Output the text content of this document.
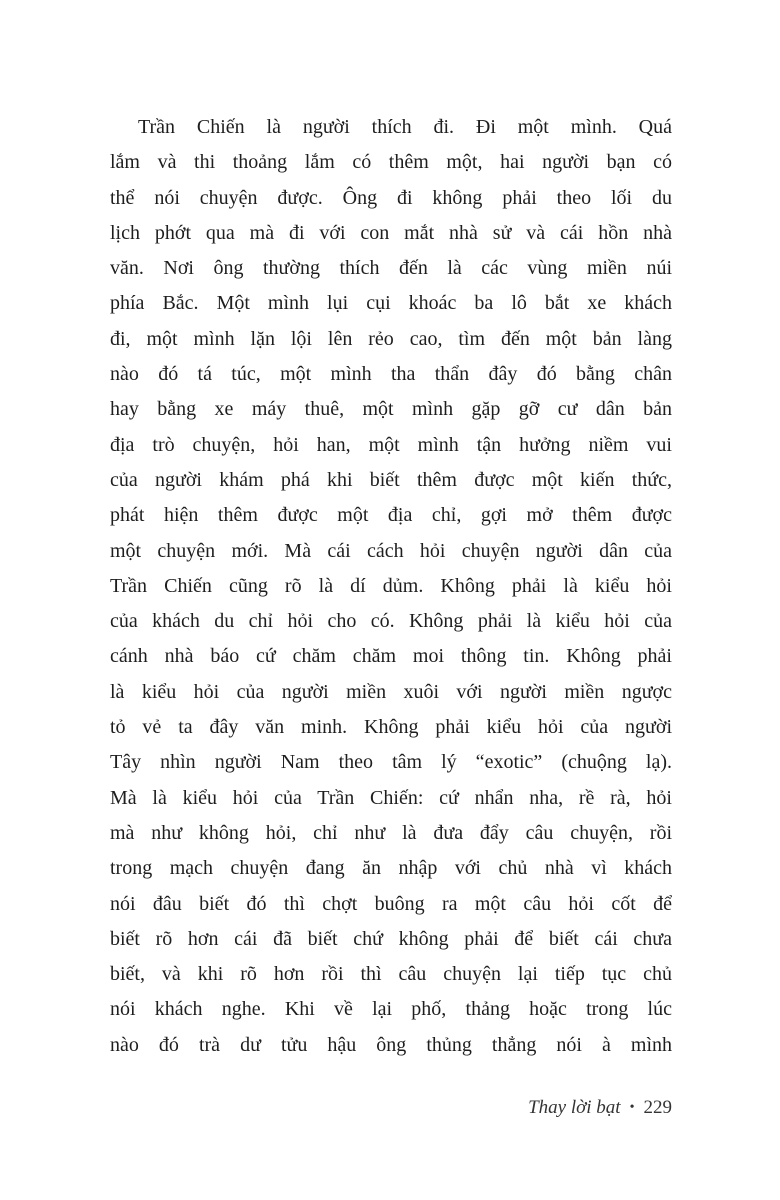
Trần Chiến là người thích đi. Đi một mình. Quá
lắm và thi thoảng lắm có thêm một, hai người bạn có
thể nói chuyện được. Ông đi không phải theo lối du
lịch phớt qua mà đi với con mắt nhà sử và cái hồn nhà
văn. Nơi ông thường thích đến là các vùng miền núi
phía Bắc. Một mình lụi cụi khoác ba lô bắt xe khách
đi, một mình lặn lội lên rẻo cao, tìm đến một bản làng
nào đó tá túc, một mình tha thẩn đây đó bằng chân
hay bằng xe máy thuê, một mình gặp gỡ cư dân bản
địa trò chuyện, hỏi han, một mình tận hưởng niềm vui
của người khám phá khi biết thêm được một kiến thức,
phát hiện thêm được một địa chỉ, gợi mở thêm được
một chuyện mới. Mà cái cách hỏi chuyện người dân của
Trần Chiến cũng rõ là dí dủm. Không phải là kiểu hỏi
của khách du chỉ hỏi cho có. Không phải là kiểu hỏi của
cánh nhà báo cứ chăm chăm moi thông tin. Không phải
là kiểu hỏi của người miền xuôi với người miền ngược
tỏ vẻ ta đây văn minh. Không phải kiểu hỏi của người
Tây nhìn người Nam theo tâm lý “exotic” (chuộng lạ).
Mà là kiểu hỏi của Trần Chiến: cứ nhẩn nha, rề rà, hỏi
mà như không hỏi, chỉ như là đưa đẩy câu chuyện, rồi
trong mạch chuyện đang ăn nhập với chủ nhà vì khách
nói đâu biết đó thì chợt buông ra một câu hỏi cốt để
biết rõ hơn cái đã biết chứ không phải để biết cái chưa
biết, và khi rõ hơn rồi thì câu chuyện lại tiếp tục chủ
nói khách nghe. Khi về lại phố, thảng hoặc trong lúc
nào đó trà dư tửu hậu ông thủng thẳng nói à mình
Thay lời bạt • 229
